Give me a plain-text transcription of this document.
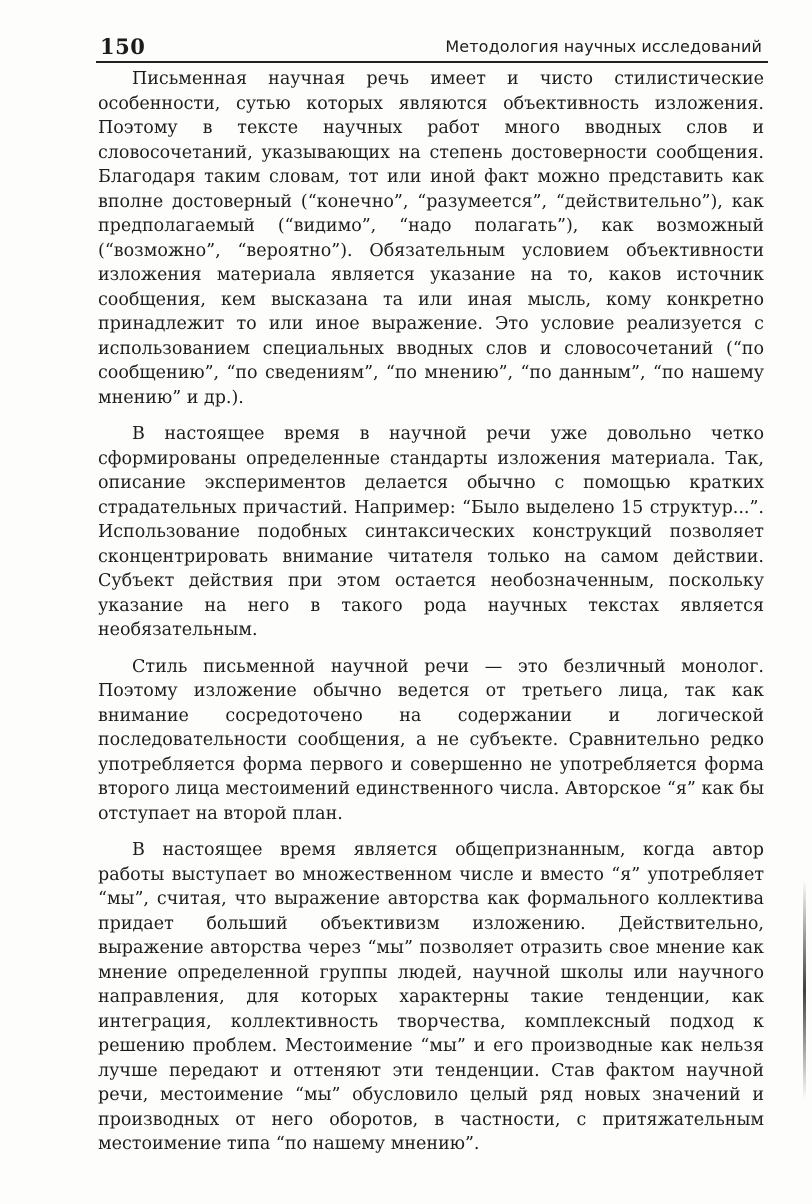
150	Методология научных исследований

Письменная научная речь имеет и чисто стилистические особенности, сутью которых являются объективность изложения. Поэтому в тексте научных работ много вводных слов и словосочетаний, указывающих на степень достоверности сообщения. Благодаря таким словам, тот или иной факт можно представить как вполне достоверный (“конечно”, “разумеется”, “действительно”), как предполагаемый (“видимо”, “надо полагать”), как возможный (“возможно”, “вероятно”). Обязательным условием объективности изложения материала является указание на то, каков источник сообщения, кем высказана та или иная мысль, кому конкретно принадлежит то или иное выражение. Это условие реализуется с использованием специальных вводных слов и словосочетаний (“по сообщению”, “по сведениям”, “по мнению”, “по данным”, “по нашему мнению” и др.).

В настоящее время в научной речи уже довольно четко сформированы определенные стандарты изложения материала. Так, описание экспериментов делается обычно с помощью кратких страдательных причастий. Например: “Было выделено 15 структур...”. Использование подобных синтаксических конструкций позволяет сконцентрировать внимание читателя только на самом действии. Субъект действия при этом остается необозначенным, поскольку указание на него в такого рода научных текстах является необязательным.

Стиль письменной научной речи — это безличный монолог. Поэтому изложение обычно ведется от третьего лица, так как внимание сосредоточено на содержании и логической последовательности сообщения, а не субъекте. Сравнительно редко употребляется форма первого и совершенно не употребляется форма второго лица местоимений единственного числа. Авторское “я” как бы отступает на второй план.

В настоящее время является общепризнанным, когда автор работы выступает во множественном числе и вместо “я” употребляет “мы”, считая, что выражение авторства как формального коллектива придает больший объективизм изложению. Действительно, выражение авторства через “мы” позволяет отразить свое мнение как мнение определенной группы людей, научной школы или научного направления, для которых характерны такие тенденции, как интеграция, коллективность творчества, комплексный подход к решению проблем. Местоимение “мы” и его производные как нельзя лучше передают и оттеняют эти тенденции. Став фактом научной речи, местоимение “мы” обусловило целый ряд новых значений и производных от него оборотов, в частности, с притяжательным местоимение типа “по нашему мнению”.
